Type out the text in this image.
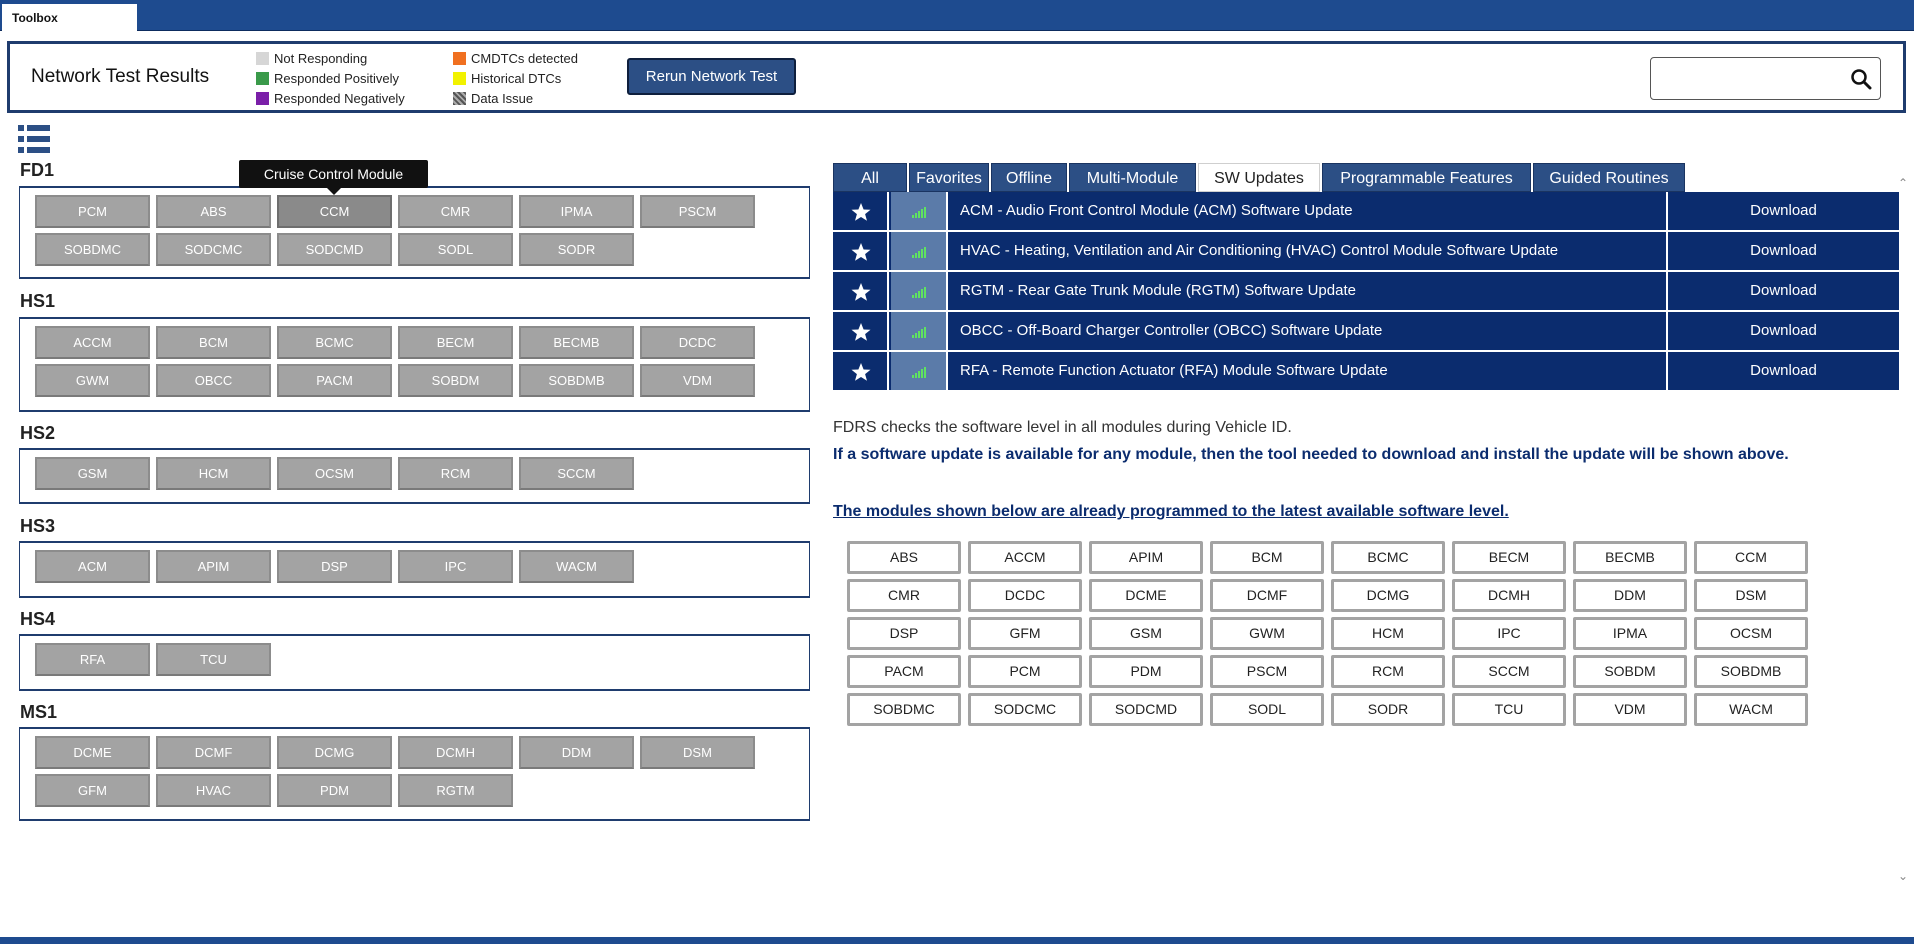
Toolbox
Network Test Results
Not Responding
Responded Positively
Responded Negatively
CMDTCs detected
Historical DTCs
Data Issue
Rerun Network Test
FD1
PCM	ABS	CCM	CMR	IPMA	PSCM
SOBDMC	SODCMC	SODCMD	SODL	SODR
HS1
ACCM	BCM	BCMC	BECM	BECMB	DCDC
GWM	OBCC	PACM	SOBDM	SOBDMB	VDM
HS2
GSM	HCM	OCSM	RCM	SCCM
HS3
ACM	APIM	DSP	IPC	WACM
HS4
RFA	TCU
MS1
DCME	DCMF	DCMG	DCMH	DDM	DSM
GFM	HVAC	PDM	RGTM
Cruise Control Module	All	Favorites	Offline	Multi-Module	SW Updates	Programmable Features	Guided Routines
ACM - Audio Front Control Module (ACM) Software Update	Download
HVAC - Heating, Ventilation and Air Conditioning (HVAC) Control Module Software Update	Download
RGTM - Rear Gate Trunk Module (RGTM) Software Update	Download
OBCC - Off-Board Charger Controller (OBCC) Software Update	Download
RFA - Remote Function Actuator (RFA) Module Software Update	Download
FDRS checks the software level in all modules during Vehicle ID.
If a software update is available for any module, then the tool needed to download and install the update will be shown above.
The modules shown below are already programmed to the latest available software level.
ABS	ACCM	APIM	BCM	BCMC	BECM	BECMB	CCM
CMR	DCDC	DCME	DCMF	DCMG	DCMH	DDM	DSM
DSP	GFM	GSM	GWM	HCM	IPC	IPMA	OCSM
PACM	PCM	PDM	PSCM	RCM	SCCM	SOBDM	SOBDMB
SOBDMC	SODCMC	SODCMD	SODL	SODR	TCU	VDM	WACM
⌃
⌄
